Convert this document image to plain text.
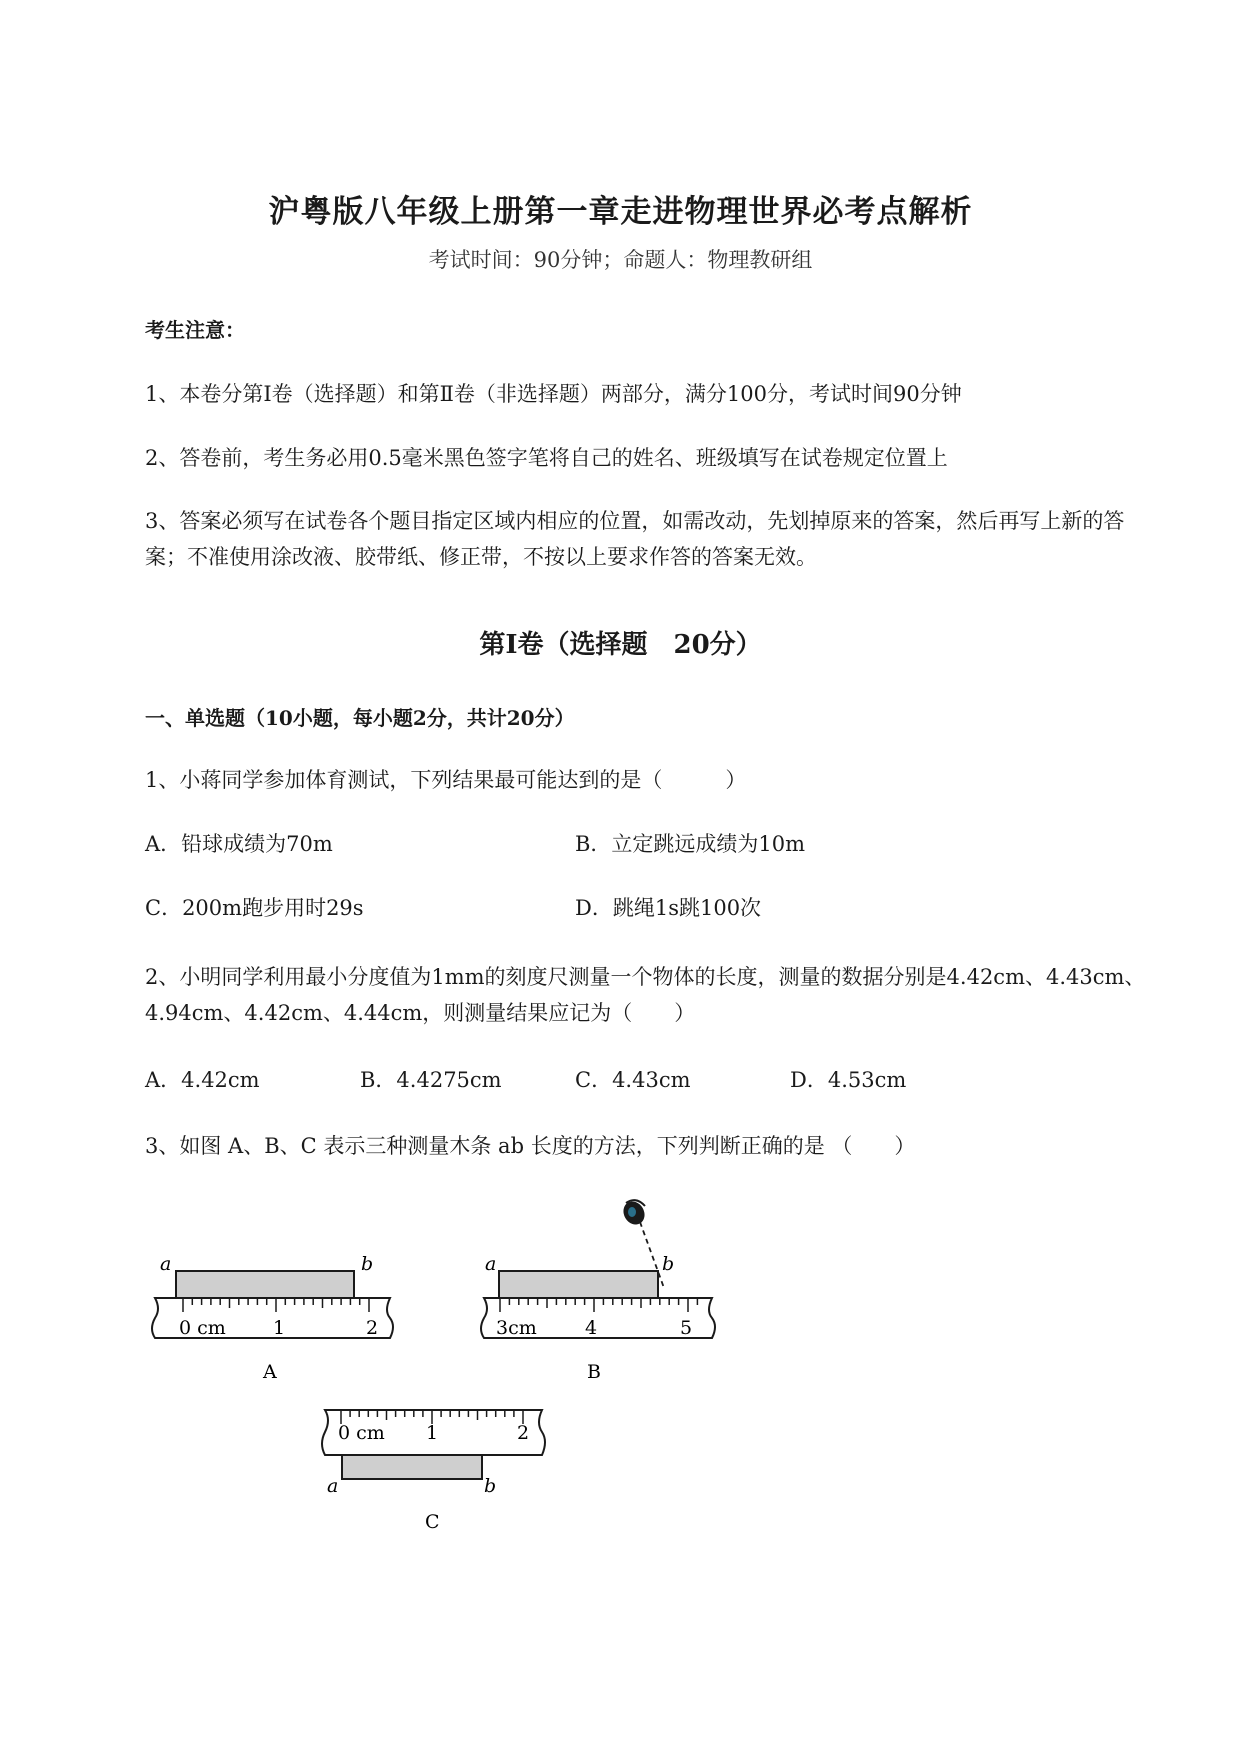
沪粤版八年级上册第一章走进物理世界必考点解析
考试时间：90分钟；命题人：物理教研组
考生注意：
1、本卷分第Ⅰ卷（选择题）和第Ⅱ卷（非选择题）两部分，满分100分，考试时间90分钟
2、答卷前，考生务必用0.5毫米黑色签字笔将自己的姓名、班级填写在试卷规定位置上
3、答案必须写在试卷各个题目指定区域内相应的位置，如需改动，先划掉原来的答案，然后再写上新的答案；不准使用涂改液、胶带纸、修正带，不按以上要求作答的答案无效。
第Ⅰ卷（选择题　20分）
一、单选题（10小题，每小题2分，共计20分）
1、小蒋同学参加体育测试，下列结果最可能达到的是（　　　）
A．铅球成绩为70m	B．立定跳远成绩为10m
C．200m跑步用时29s	D．跳绳1s跳100次
2、小明同学利用最小分度值为1mm的刻度尺测量一个物体的长度，测量的数据分别是4.42cm、4.43cm、4.94cm、4.42cm、4.44cm，则测量结果应记为（　　）
A．4.42cm	B．4.4275cm	C．4.43cm	D．4.53cm
3、如图 A、B、C 表示三种测量木条 ab 长度的方法，下列判断正确的是 （　　）
a	b
0 cm 1	2
A
a	b
3cm	4	5
B
0 cm 1	2
a	b
C
